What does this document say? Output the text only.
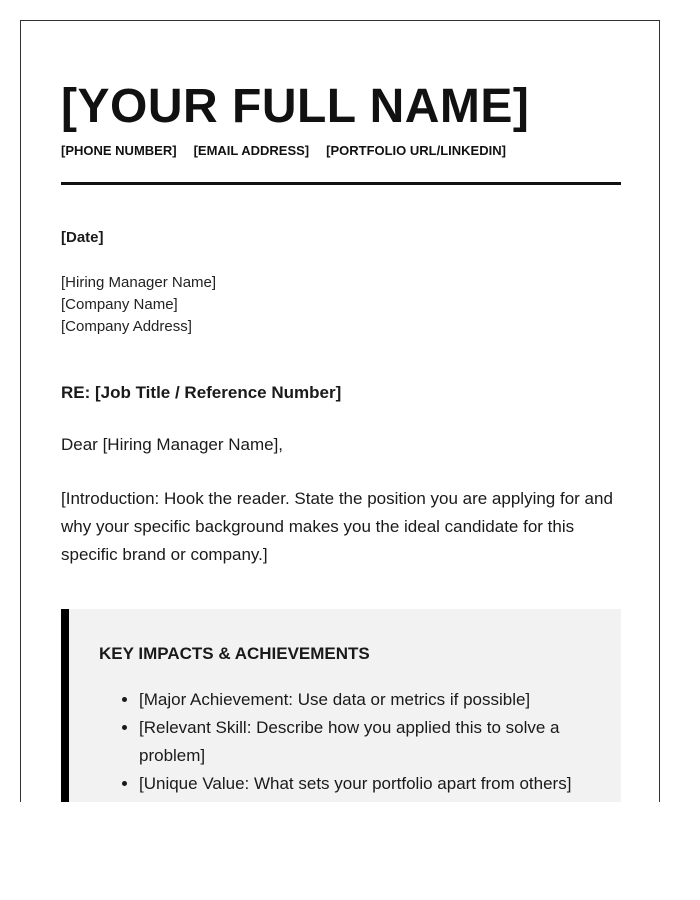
[YOUR FULL NAME]
[PHONE NUMBER] [EMAIL ADDRESS] [PORTFOLIO URL/LINKEDIN]
[Date]
[Hiring Manager Name]
[Company Name]
[Company Address]
RE: [Job Title / Reference Number]
Dear [Hiring Manager Name],
[Introduction: Hook the reader. State the position you are applying for and why your specific background makes you the ideal candidate for this specific brand or company.]
KEY IMPACTS & ACHIEVEMENTS
• [Major Achievement: Use data or metrics if possible]
• [Relevant Skill: Describe how you applied this to solve a problem]
• [Unique Value: What sets your portfolio apart from others]
